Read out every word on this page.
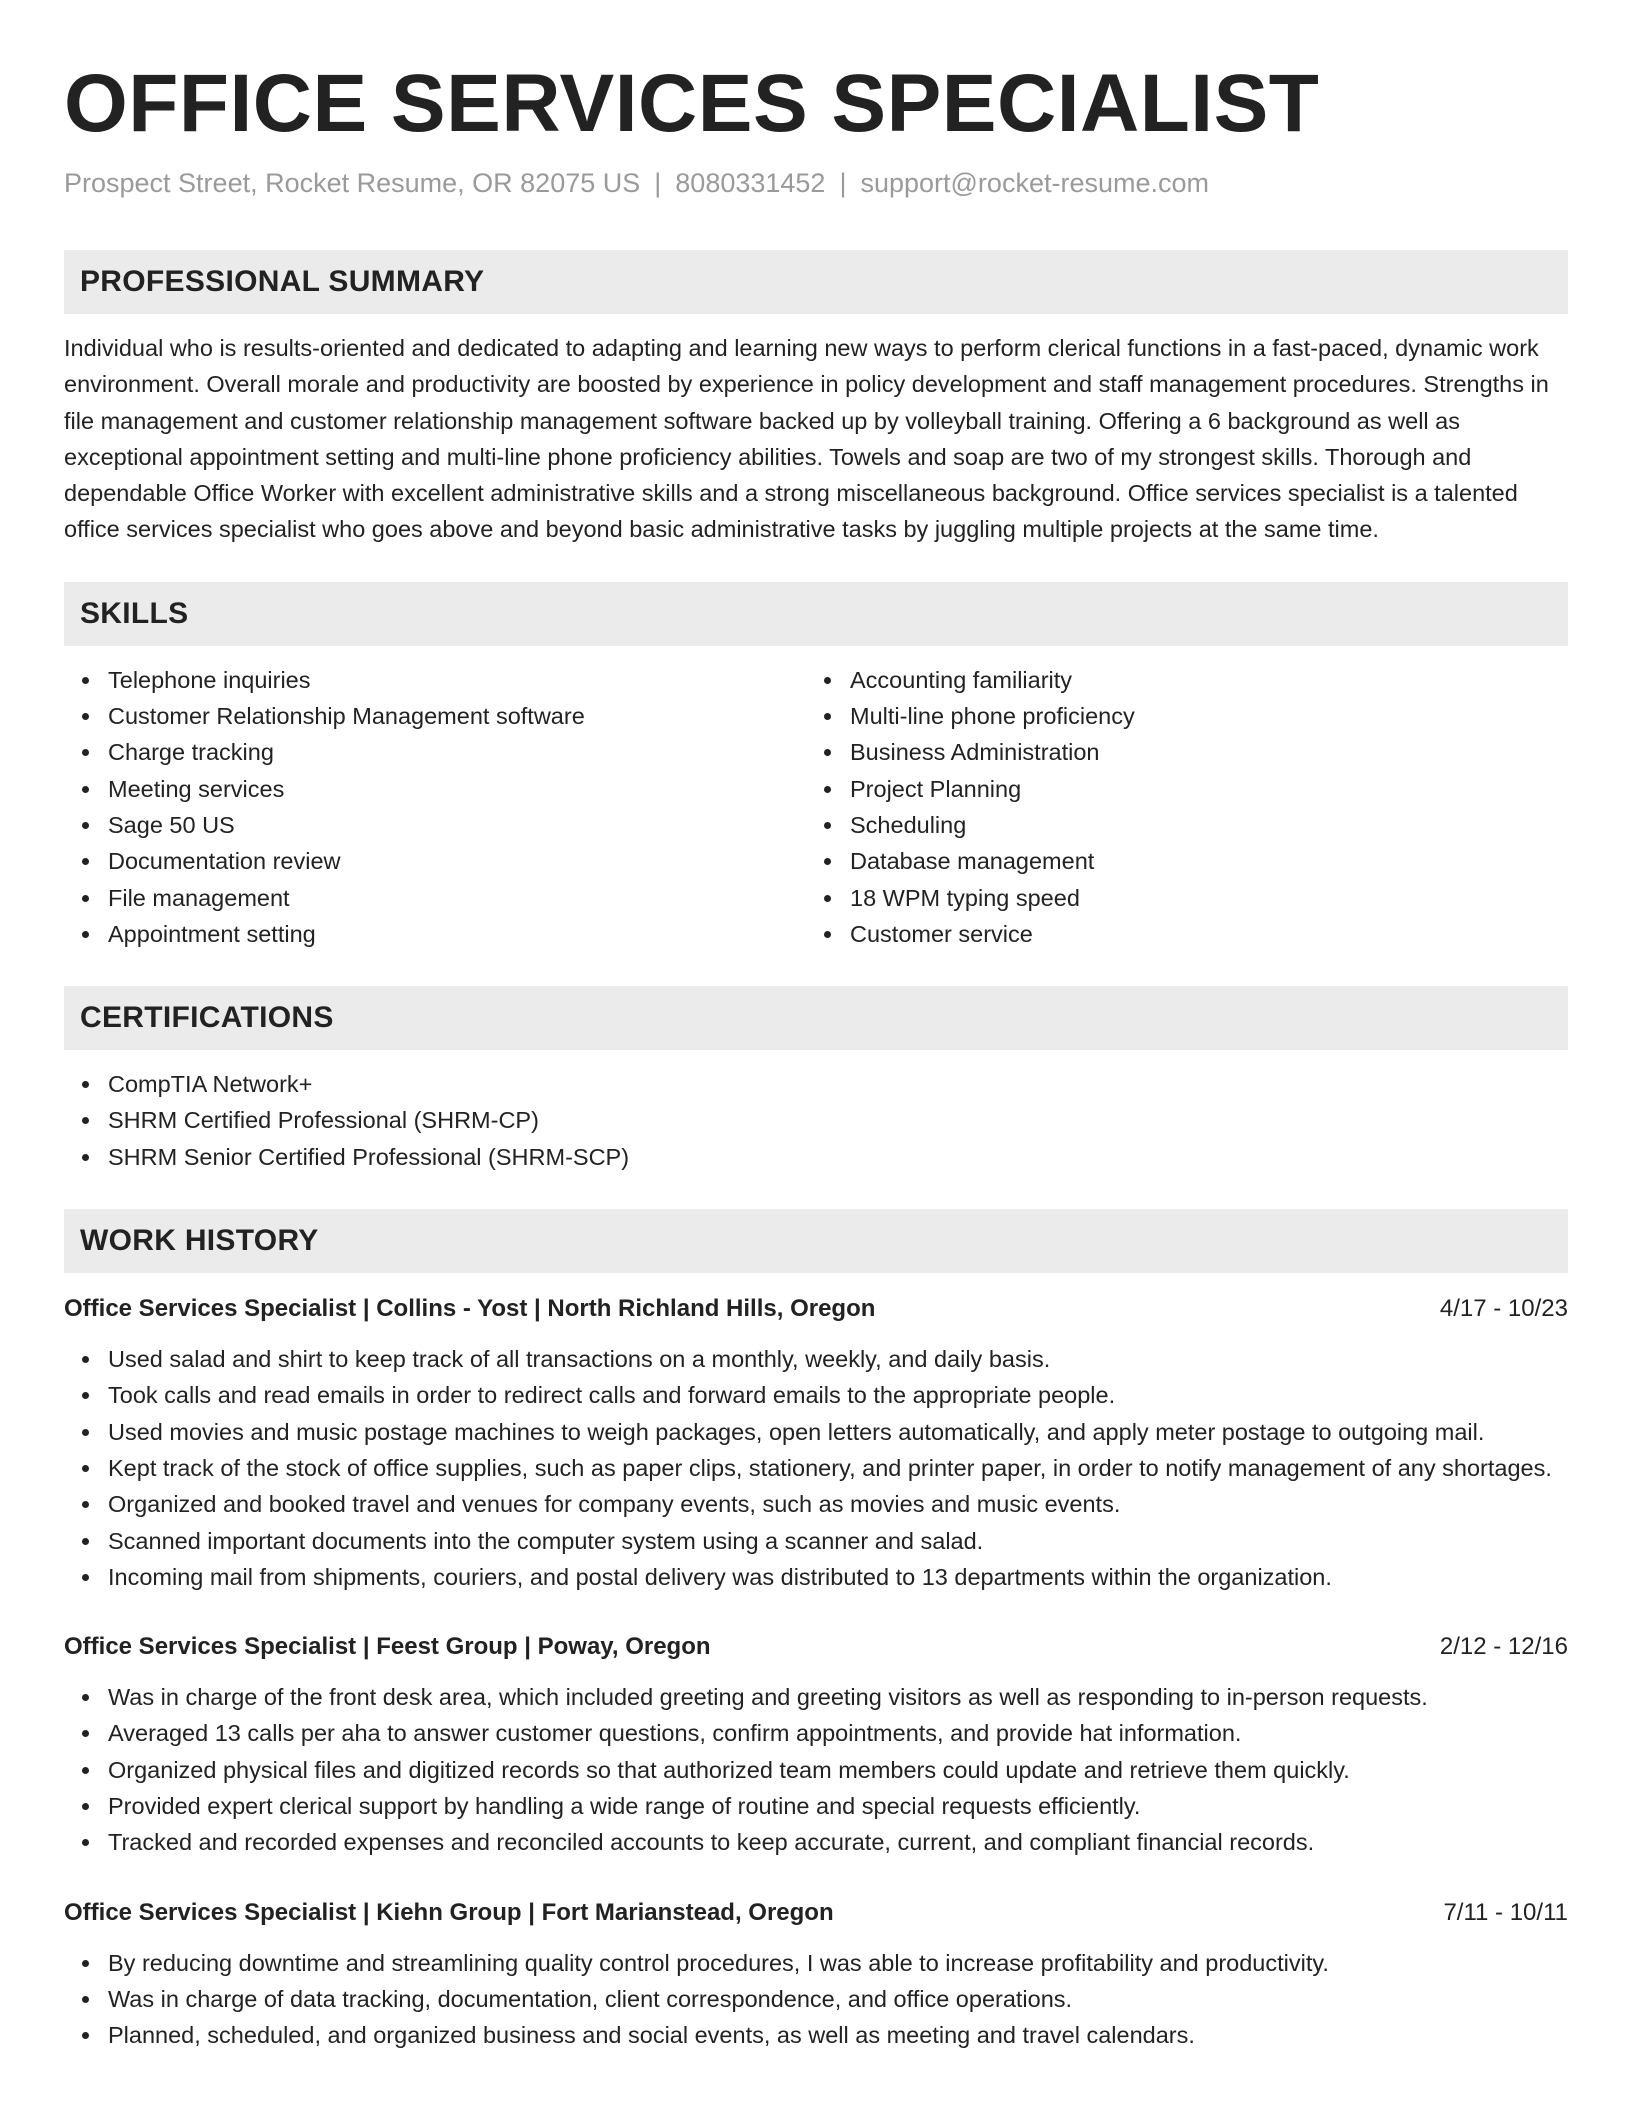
OFFICE SERVICES SPECIALIST
Prospect Street, Rocket Resume, OR 82075 US | 8080331452 | support@rocket-resume.com
PROFESSIONAL SUMMARY

Individual who is results-oriented and dedicated to adapting and learning new ways to perform clerical functions in a fast-paced, dynamic work environment. Overall morale and productivity are boosted by experience in policy development and staff management procedures. Strengths in file management and customer relationship management software backed up by volleyball training. Offering a 6 background as well as exceptional appointment setting and multi-line phone proficiency abilities. Towels and soap are two of my strongest skills. Thorough and dependable Office Worker with excellent administrative skills and a strong miscellaneous background. Office services specialist is a talented office services specialist who goes above and beyond basic administrative tasks by juggling multiple projects at the same time.

SKILLS
Telephone inquiries
Customer Relationship Management software
Charge tracking
Meeting services
Sage 50 US
Documentation review
File management
Appointment setting
Accounting familiarity
Multi-line phone proficiency
Business Administration
Project Planning
Scheduling
Database management
18 WPM typing speed
Customer service
CERTIFICATIONS
CompTIA Network+
SHRM Certified Professional (SHRM-CP)
SHRM Senior Certified Professional (SHRM-SCP)
WORK HISTORY
Office Services Specialist | Collins - Yost | North Richland Hills, Oregon	4/17 - 10/23
Used salad and shirt to keep track of all transactions on a monthly, weekly, and daily basis.
Took calls and read emails in order to redirect calls and forward emails to the appropriate people.
Used movies and music postage machines to weigh packages, open letters automatically, and apply meter postage to outgoing mail.
Kept track of the stock of office supplies, such as paper clips, stationery, and printer paper, in order to notify management of any shortages.
Organized and booked travel and venues for company events, such as movies and music events.
Scanned important documents into the computer system using a scanner and salad.
Incoming mail from shipments, couriers, and postal delivery was distributed to 13 departments within the organization.
Office Services Specialist | Feest Group | Poway, Oregon	2/12 - 12/16
Was in charge of the front desk area, which included greeting and greeting visitors as well as responding to in-person requests.
Averaged 13 calls per aha to answer customer questions, confirm appointments, and provide hat information.
Organized physical files and digitized records so that authorized team members could update and retrieve them quickly.
Provided expert clerical support by handling a wide range of routine and special requests efficiently.
Tracked and recorded expenses and reconciled accounts to keep accurate, current, and compliant financial records.
Office Services Specialist | Kiehn Group | Fort Marianstead, Oregon	7/11 - 10/11
By reducing downtime and streamlining quality control procedures, I was able to increase profitability and productivity.
Was in charge of data tracking, documentation, client correspondence, and office operations.
Planned, scheduled, and organized business and social events, as well as meeting and travel calendars.
